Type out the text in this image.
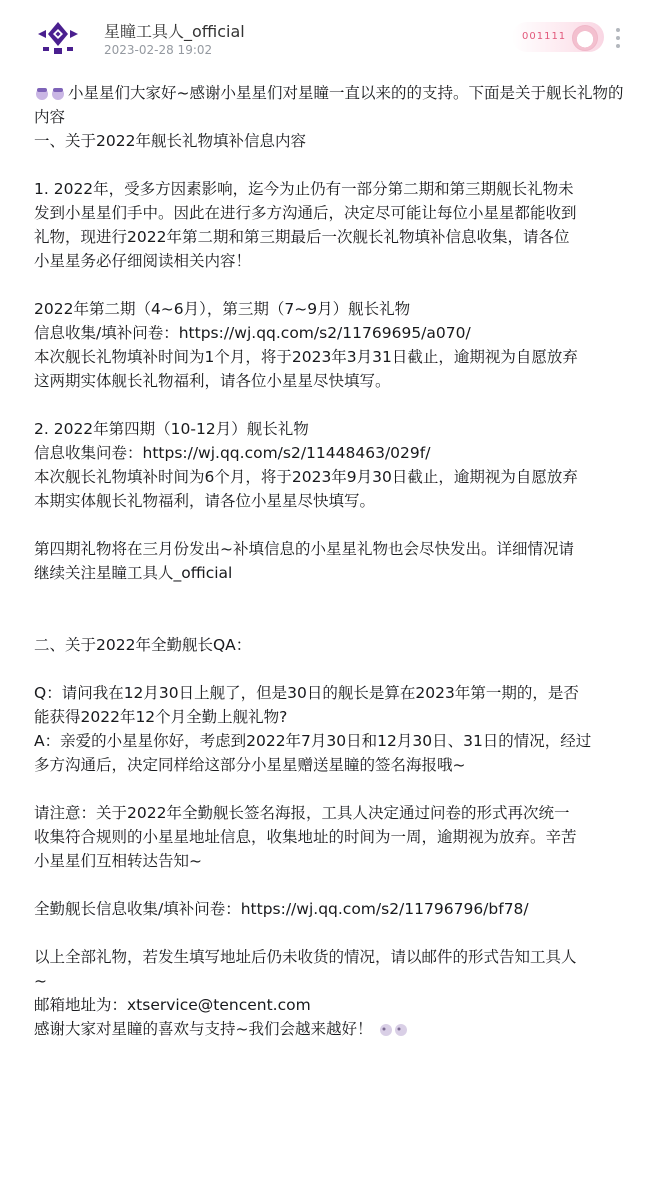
星瞳工具人_official
2023-02-28 19:02
001111

小星星们大家好~感谢小星星们对星瞳一直以来的的支持。下面是关于舰长礼物的内容

一、关于2022年舰长礼物填补信息内容

1. 2022年，受多方因素影响，迄今为止仍有一部分第二期和第三期舰长礼物未

发到小星星们手中。因此在进行多方沟通后，决定尽可能让每位小星星都能收到

礼物，现进行2022年第二期和第三期最后一次舰长礼物填补信息收集，请各位

小星星务必仔细阅读相关内容！

2022年第二期（4~6月），第三期（7~9月）舰长礼物

信息收集/填补问卷：https://wj.qq.com/s2/11769695/a070/

本次舰长礼物填补时间为1个月，将于2023年3月31日截止，逾期视为自愿放弃

这两期实体舰长礼物福利，请各位小星星尽快填写。

2. 2022年第四期（10-12月）舰长礼物

信息收集问卷：https://wj.qq.com/s2/11448463/029f/

本次舰长礼物填补时间为6个月，将于2023年9月30日截止，逾期视为自愿放弃

本期实体舰长礼物福利，请各位小星星尽快填写。

第四期礼物将在三月份发出~补填信息的小星星礼物也会尽快发出。详细情况请

继续关注星瞳工具人_official

二、关于2022年全勤舰长QA：

Q：请问我在12月30日上舰了，但是30日的舰长是算在2023年第一期的，是否

能获得2022年12个月全勤上舰礼物?

A：亲爱的小星星你好，考虑到2022年7月30日和12月30日、31日的情况，经过

多方沟通后，决定同样给这部分小星星赠送星瞳的签名海报哦~

请注意：关于2022年全勤舰长签名海报，工具人决定通过问卷的形式再次统一

收集符合规则的小星星地址信息，收集地址的时间为一周，逾期视为放弃。辛苦

小星星们互相转达告知~

全勤舰长信息收集/填补问卷：https://wj.qq.com/s2/11796796/bf78/

以上全部礼物，若发生填写地址后仍未收货的情况，请以邮件的形式告知工具人

~

邮箱地址为：xtservice@tencent.com

感谢大家对星瞳的喜欢与支持~我们会越来越好！
